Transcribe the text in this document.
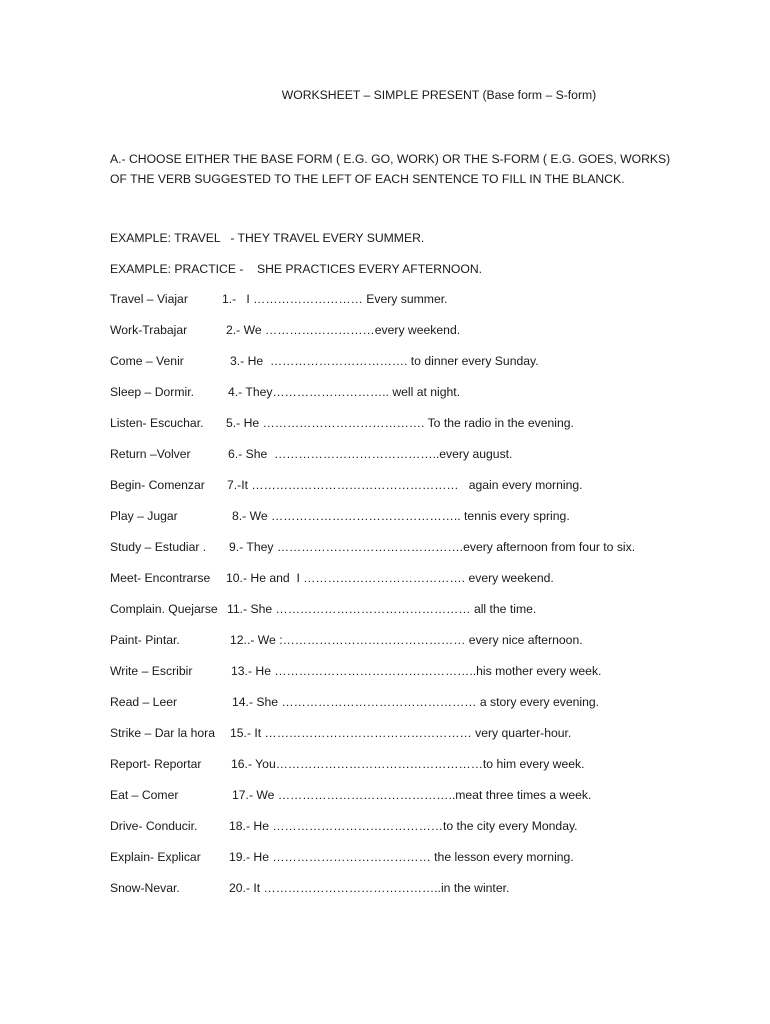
WORKSHEET – SIMPLE PRESENT (Base form – S-form)
A.- CHOOSE EITHER THE BASE FORM ( E.G. GO, WORK) OR THE S-FORM ( E.G. GOES, WORKS)
OF THE VERB SUGGESTED TO THE LEFT OF EACH SENTENCE TO FILL IN THE BLANCK.
EXAMPLE: TRAVEL   - THEY TRAVEL EVERY SUMMER.
EXAMPLE: PRACTICE -    SHE PRACTICES EVERY AFTERNOON.
Travel – Viajar	1.-   I ……………………… Every summer.
Work-Trabajar	2.- We ………………………every weekend.
Come – Venir	3.- He  ……………………………. to dinner every Sunday.
Sleep – Dormir.	4.- They……………………….. well at night.
Listen- Escuchar. 5.- He …………………………………. To the radio in the evening.
Return –Volver	6.- She  …………………………………..every august.
Begin- Comenzar 7.-It ……………………………………………   again every morning.
Play – Jugar	8.- We ……………………………………….. tennis every spring.
Study – Estudiar . 9.- They ……………………………………….every afternoon from four to six.
Meet- Encontrarse 10.- He and  I …………………………………. every weekend.
Complain. Quejarse 11.- She ………………………………………… all the time.
Paint- Pintar.	12..- We :……………………………………… every nice afternoon.
Write – Escribir	13.- He …………………………………………..his mother every week.
Read – Leer	14.- She ………………………………………… a story every evening.
Strike – Dar la hora 15.- It …………………………………………… very quarter-hour.
Report- Reportar 16.- You……………………………………………to him every week.
Eat – Comer	17.- We ……………………………………..meat three times a week.
Drive- Conducir.	18.- He ……………………………………to the city every Monday.
Explain- Explicar 19.- He ………………………………… the lesson every morning.
Snow-Nevar.	20.- It ……………………………………..in the winter.
